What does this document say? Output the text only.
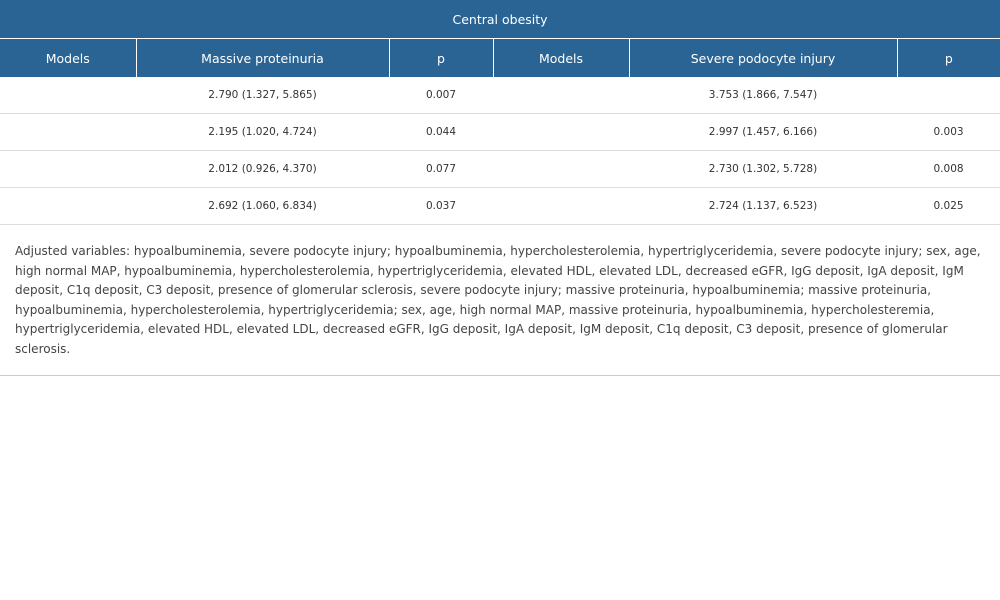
Central obesity					
Models	Massive proteinuria	p	Models	Severe podocyte injury	p
	2.790 (1.327, 5.865)	0.007		3.753 (1.866, 7.547)	
	2.195 (1.020, 4.724)	0.044		2.997 (1.457, 6.166)	0.003
	2.012 (0.926, 4.370)	0.077		2.730 (1.302, 5.728)	0.008
	2.692 (1.060, 6.834)	0.037		2.724 (1.137, 6.523)	0.025
Adjusted variables: hypoalbuminemia, severe podocyte injury; hypoalbuminemia, hypercholesterolemia, hypertriglyceridemia, severe podocyte injury; sex, age, high normal MAP, hypoalbuminemia, hypercholesterolemia, hypertriglyceridemia, elevated HDL, elevated LDL, decreased eGFR, IgG deposit, IgA deposit, IgM deposit, C1q deposit, C3 deposit, presence of glomerular sclerosis, severe podocyte injury; massive proteinuria, hypoalbuminemia; massive proteinuria, hypoalbuminemia, hypercholesterolemia, hypertriglyceridemia; sex, age, high normal MAP, massive proteinuria, hypoalbuminemia, hypercholesteremia, hypertriglyceridemia, elevated HDL, elevated LDL, decreased eGFR, IgG deposit, IgA deposit, IgM deposit, C1q deposit, C3 deposit, presence of glomerular sclerosis.
